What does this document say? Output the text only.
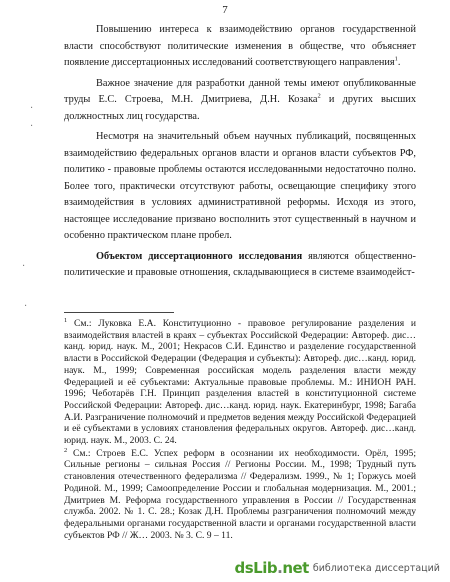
7

Повышению интереса к взаимодействию органов государственной власти способствуют политические изменения в обществе, что объясняет появление диссертационных исследований соответствующего направления$^1$.

Важное значение для разработки данной темы имеют опубликованные труды Е.С. Строева, М.Н. Дмитриева, Д.Н. Козака$^2$ и других высших должностных лиц государства.

Несмотря на значительный объем научных публикаций, посвященных взаимодействию федеральных органов власти и органов власти субъектов РФ, политико - правовые проблемы остаются исследованными недостаточно полно. Более того, практически отсутствуют работы, освещающие специфику этого взаимодействия в условиях административной реформы. Исходя из этого, настоящее исследование призвано восполнить этот существенный в научном и особенно практическом плане пробел.

Объектом диссертационного исследования являются общественно-политические и правовые отношения, складывающиеся в системе взаимодейст-

$^1$ См.: Луковка Е.А. Конституционно - правовое регулирование разделения и взаимодействия властей в краях – субъектах Российской Федерации: Автореф. дис… канд. юрид. наук. М., 2001; Некрасов С.И. Единство и разделение государственной власти в Российской Федерации (Федерация и субъекты): Автореф. дис…канд. юрид. наук. М., 1999; Современная российская модель разделения власти между Федерацией и её субъектами: Актуальные правовые проблемы. М.: ИНИОН РАН. 1996; Чеботарёв Г.Н. Принцип разделения властей в конституционной системе Российской Федерации: Автореф. дис…канд. юрид. наук. Екатеринбург, 1998; Багаба А.И. Разграничение полномочий и предметов ведения между Российской Федерацией и её субъектами в условиях становления федеральных округов. Автореф. дис…канд. юрид. наук. М., 2003. С. 24.

$^2$ См.: Строев Е.С. Успех реформ в осознании их необходимости. Орёл, 1995; Сильные регионы – сильная Россия // Регионы России. М., 1998; Трудный путь становления отечественного федерализма // Федерализм. 1999., № 1; Горжусь моей Родиной. М., 1999; Самоопределение России и глобальная модернизация. М., 2001.; Дмитриев М. Реформа государственного управления в России // Государственная служба. 2002. № 1. С. 28.; Козак Д.Н. Проблемы разграничения полномочий между федеральными органами государственной власти и органами государственной власти субъектов РФ // Ж… 2003. № 3. С. 9 – 11.

·
·
·
·
dsLib.net библиотека диссертаций
